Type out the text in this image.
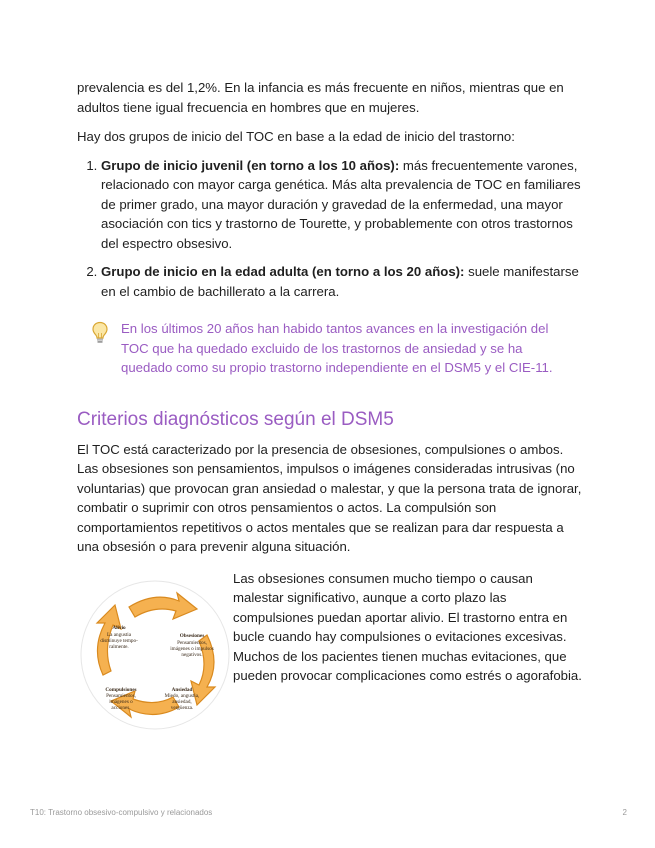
prevalencia es del 1,2%. En la infancia es más frecuente en niños, mientras que en adultos tiene igual frecuencia en hombres que en mujeres.

Hay dos grupos de inicio del TOC en base a la edad de inicio del trastorno:

1. Grupo de inicio juvenil (en torno a los 10 años): más frecuentemente varones, relacionado con mayor carga genética. Más alta prevalencia de TOC en familiares de primer grado, una mayor duración y gravedad de la enfermedad, una mayor asociación con tics y trastorno de Tourette, y probablemente con otros trastornos del espectro obsesivo.
2. Grupo de inicio en la edad adulta (en torno a los 20 años): suele manifestarse en el cambio de bachillerato a la carrera.
En los últimos 20 años han habido tantos avances en la investigación del TOC que ha quedado excluido de los trastornos de ansiedad y se ha quedado como su propio trastorno independiente en el DSM5 y el CIE-11.
Criterios diagnósticos según el DSM5

El TOC está caracterizado por la presencia de obsesiones, compulsiones o ambos. Las obsesiones son pensamientos, impulsos o imágenes consideradas intrusivas (no voluntarias) que provocan gran ansiedad o malestar, y que la persona trata de ignorar, combatir o suprimir con otros pensamientos o actos. La compulsión son comportamientos repetitivos o actos mentales que se realizan para dar respuesta a una obsesión o para prevenir alguna situación.

Obsesiones
Pensamientos,
imágenes o impulsos
negativos.
Ansiedad
Miedo, angustia,
ansiedad,
vergüenza.
Compulsiones
Pensamientos,
imágenes o
acciones.
Alivio
La angustia
disminuye tempo-
ralmente.

Las obsesiones consumen mucho tiempo o causan malestar significativo, aunque a corto plazo las compulsiones puedan aportar alivio. El trastorno entra en bucle cuando hay compulsiones o evitaciones excesivas. Muchos de los pacientes tienen muchas evitaciones, que pueden provocar complicaciones como estrés o agorafobia.

T10: Trastorno obsesivo-compulsivo y relacionados	2
